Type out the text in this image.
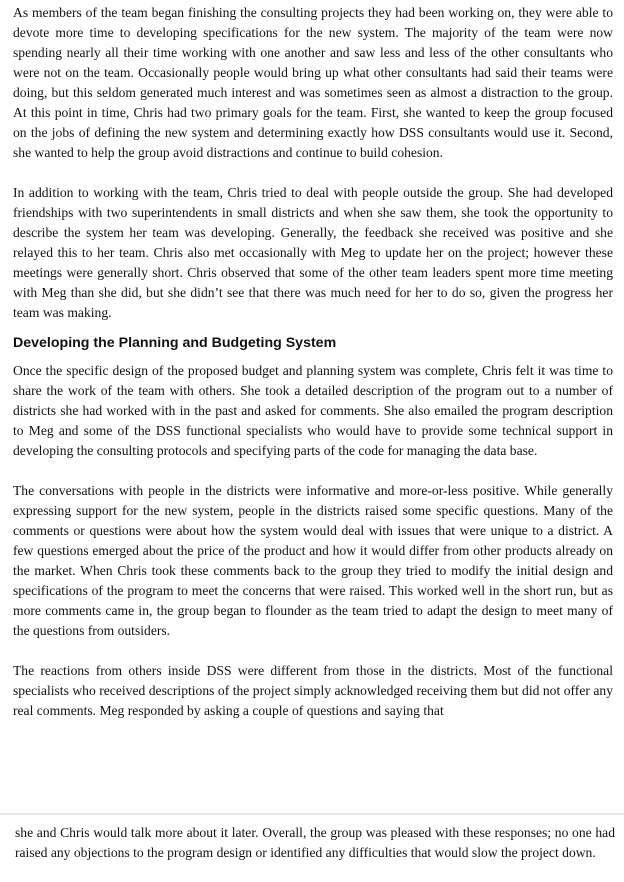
As members of the team began finishing the consulting projects they had been working on, they were able to devote more time to developing specifications for the new system. The majority of the team were now spending nearly all their time working with one another and saw less and less of the other consultants who were not on the team. Occasionally people would bring up what other consultants had said their teams were doing, but this seldom generated much interest and was sometimes seen as almost a distraction to the group. At this point in time, Chris had two primary goals for the team. First, she wanted to keep the group focused on the jobs of defining the new system and determining exactly how DSS consultants would use it. Second, she wanted to help the group avoid distractions and continue to build cohesion.

In addition to working with the team, Chris tried to deal with people outside the group. She had developed friendships with two superintendents in small districts and when she saw them, she took the opportunity to describe the system her team was developing. Generally, the feedback she received was positive and she relayed this to her team. Chris also met occasionally with Meg to update her on the project; however these meetings were generally short. Chris observed that some of the other team leaders spent more time meeting with Meg than she did, but she didn’t see that there was much need for her to do so, given the progress her team was making.

Developing the Planning and Budgeting System

Once the specific design of the proposed budget and planning system was complete, Chris felt it was time to share the work of the team with others. She took a detailed description of the program out to a number of districts she had worked with in the past and asked for comments. She also emailed the program description to Meg and some of the DSS functional specialists who would have to provide some technical support in developing the consulting protocols and specifying parts of the code for managing the data base.

The conversations with people in the districts were informative and more-or-less positive. While generally expressing support for the new system, people in the districts raised some specific questions. Many of the comments or questions were about how the system would deal with issues that were unique to a district. A few questions emerged about the price of the product and how it would differ from other products already on the market. When Chris took these comments back to the group they tried to modify the initial design and specifications of the program to meet the concerns that were raised. This worked well in the short run, but as more comments came in, the group began to flounder as the team tried to adapt the design to meet many of the questions from outsiders.

The reactions from others inside DSS were different from those in the districts. Most of the functional specialists who received descriptions of the project simply acknowledged receiving them but did not offer any real comments. Meg responded by asking a couple of questions and saying that

she and Chris would talk more about it later. Overall, the group was pleased with these responses; no one had raised any objections to the program design or identified any difficulties that would slow the project down.
